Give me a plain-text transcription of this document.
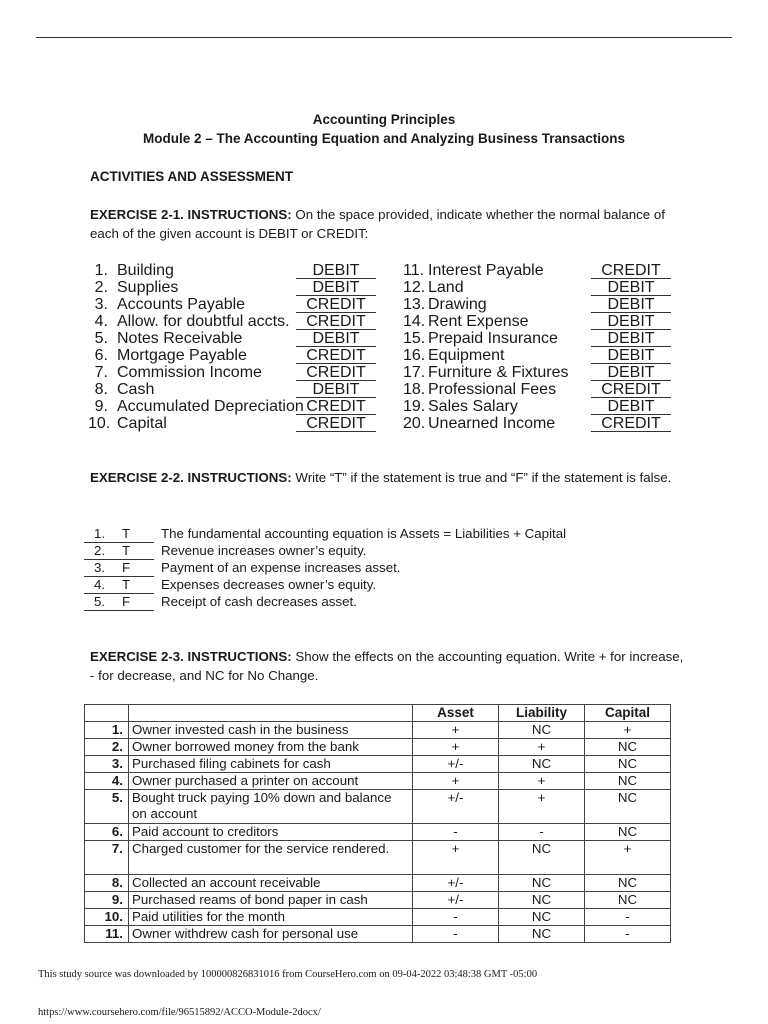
Accounting Principles
Module 2 – The Accounting Equation and Analyzing Business Transactions
ACTIVITIES AND ASSESSMENT
EXERCISE 2-1. INSTRUCTIONS: On the space provided, indicate whether the normal balance of each of the given account is DEBIT or CREDIT:
1. Building	DEBIT
2. Supplies	DEBIT
3. Accounts Payable	CREDIT
4. Allow. for doubtful accts.	CREDIT
5. Notes Receivable	DEBIT
6. Mortgage Payable	CREDIT
7. Commission Income	CREDIT
8. Cash	DEBIT
9. Accumulated Depreciation CREDIT
10. Capital	CREDIT
11. Interest Payable	CREDIT
12. Land	DEBIT
13. Drawing	DEBIT
14. Rent Expense	DEBIT
15. Prepaid Insurance	DEBIT
16. Equipment	DEBIT
17. Furniture & Fixtures	DEBIT
18. Professional Fees	CREDIT
19. Sales Salary	DEBIT
20. Unearned Income	CREDIT
EXERCISE 2-2. INSTRUCTIONS: Write “T” if the statement is true and “F” if the statement is false.
1. T The fundamental accounting equation is Assets = Liabilities + Capital
2. T Revenue increases owner’s equity.
3. F Payment of an expense increases asset.
4. T Expenses decreases owner’s equity.
5. F Receipt of cash decreases asset.
EXERCISE 2-3. INSTRUCTIONS: Show the effects on the accounting equation. Write + for increase, - for decrease, and NC for No Change.
		Asset	Liability	Capital
1.	Owner invested cash in the business	+	NC	+
2.	Owner borrowed money from the bank	+	+	NC
3.	Purchased filing cabinets for cash	+/-	NC	NC
4.	Owner purchased a printer on account	+	+	NC
5.	Bought truck paying 10% down and balance on account	+/-	+	NC
6.	Paid account to creditors	-	-	NC
7.	Charged customer for the service rendered.	+	NC	+
8.	Collected an account receivable	+/-	NC	NC
9.	Purchased reams of bond paper in cash	+/-	NC	NC
10.	Paid utilities for the month	-	NC	-
11.	Owner withdrew cash for personal use	-	NC	-
This study source was downloaded by 100000826831016 from CourseHero.com on 09-04-2022 03:48:38 GMT -05:00
https://www.coursehero.com/file/96515892/ACCO-Module-2docx/
